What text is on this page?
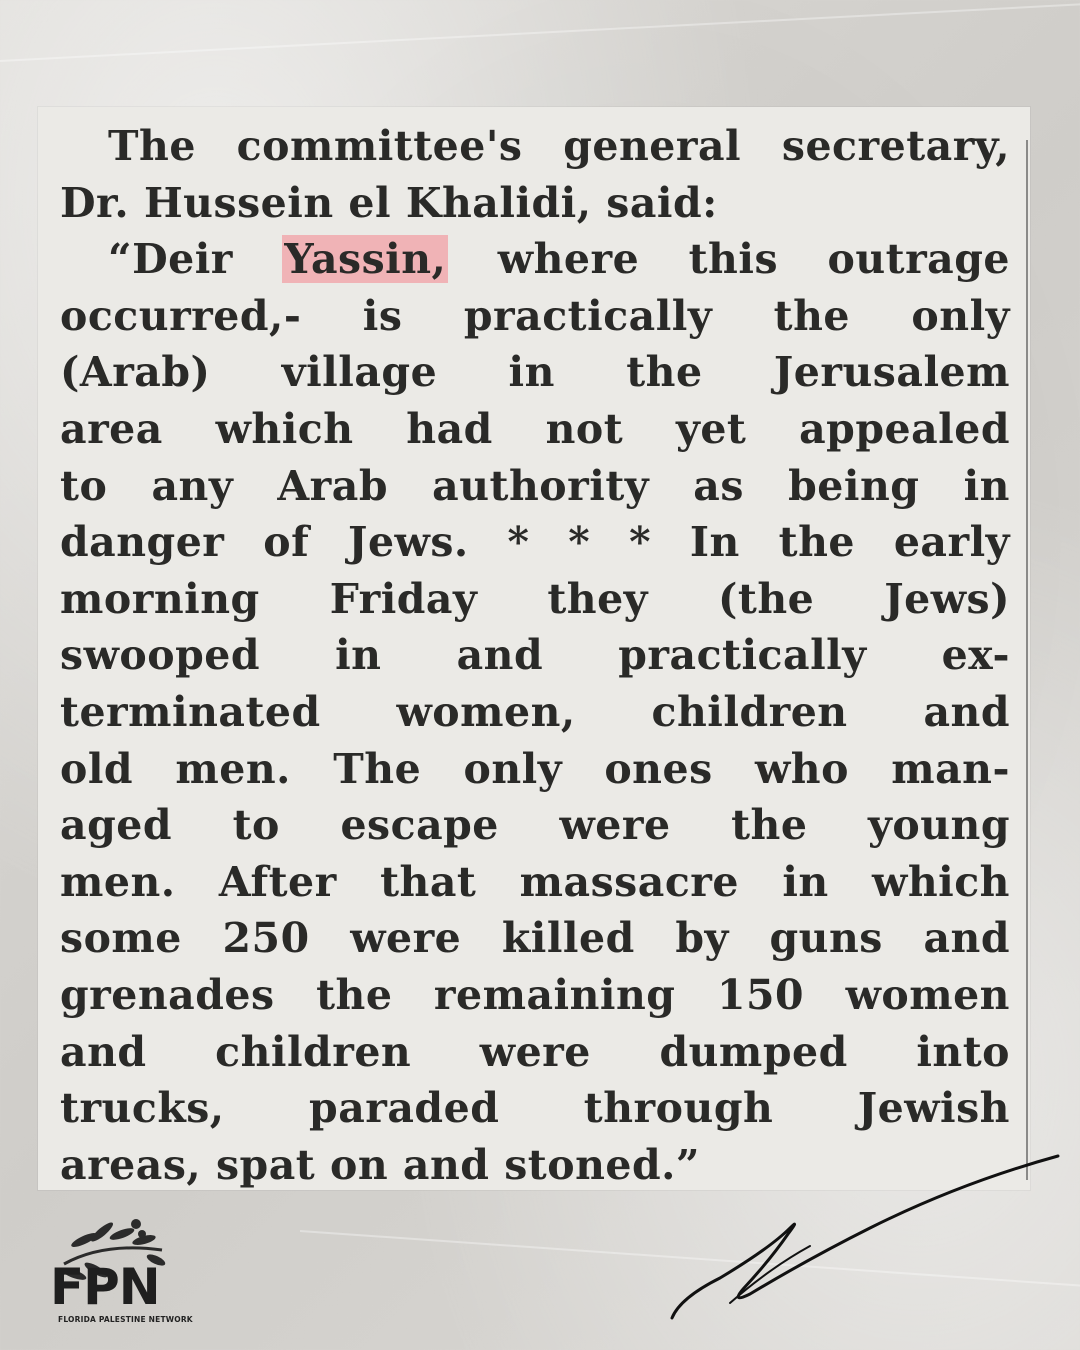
The committee's general secretary,
Dr. Hussein el Khalidi, said:
“Deir Yassin, where this outrage
occurred,- is practically the only
(Arab) village in the Jerusalem
area which had not yet appealed
to any Arab authority as being in
danger of Jews. * * * In the early
morning Friday they (the Jews)
swooped in and practically ex-
terminated women, children and
old men. The only ones who man-
aged to escape were the young
men. After that massacre in which
some 250 were killed by guns and
grenades the remaining 150 women
and children were dumped into
trucks, paraded through Jewish
areas, spat on and stoned.”
FPN
FLORIDA PALESTINE NETWORK
